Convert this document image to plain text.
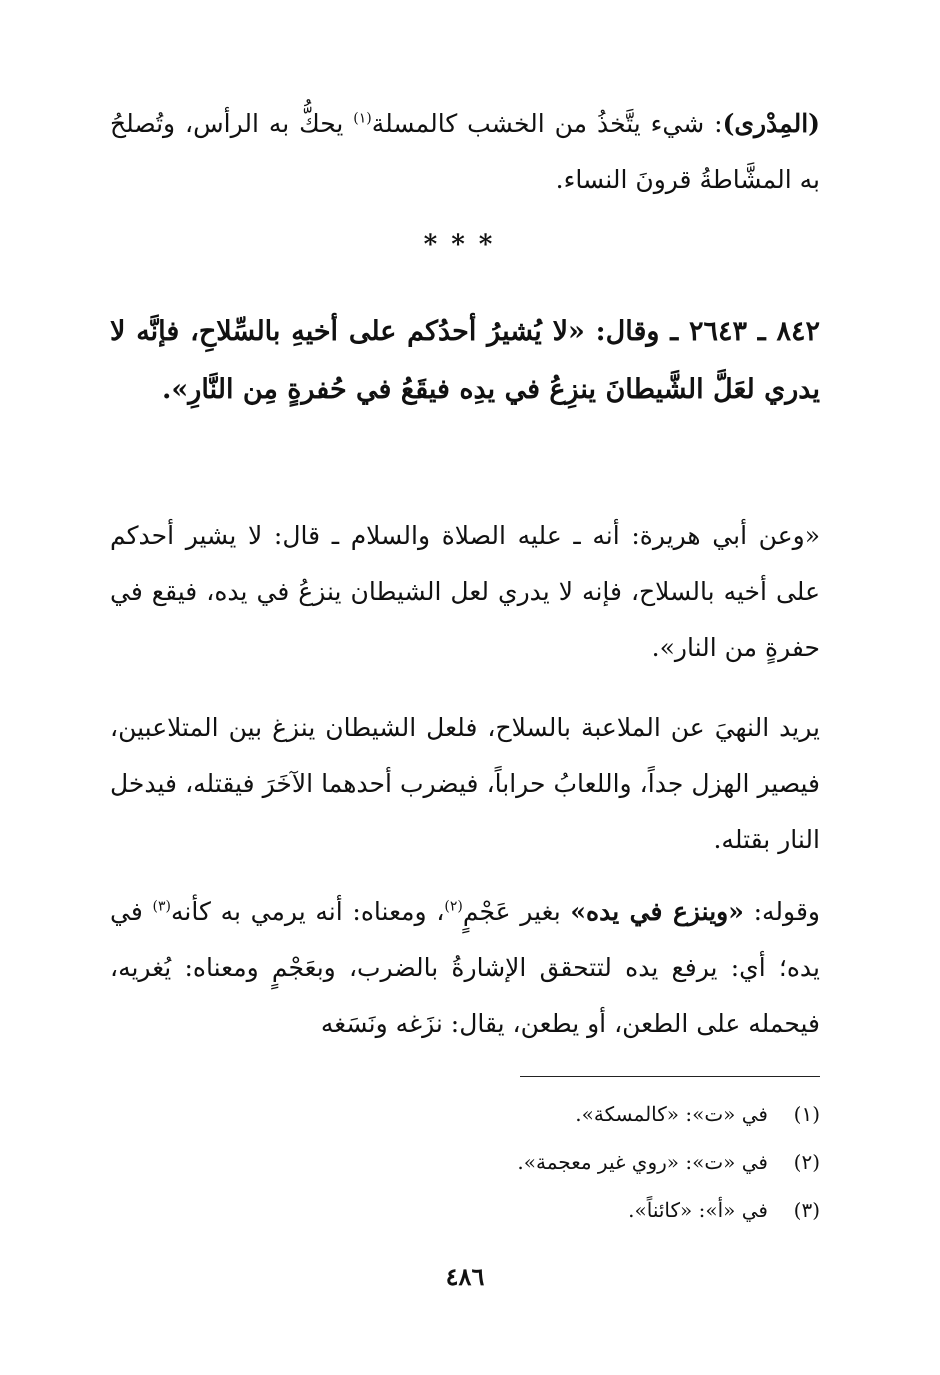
(المِدْرى): شيء يتَّخذُ من الخشب كالمسلة$^{(١)}$ يحكُّ به الرأس، وتُصلحُ به المشَّاطةُ قرونَ النساء.

***

٨٤٢ ـ ٢٦٤٣ ـ وقال: «لا يُشيرُ أحدُكم على أخيهِ بالسِّلاحِ، فإنَّه لا يدري لعَلَّ الشَّيطانَ ينزِعُ في يدِه فيقَعُ في حُفرةٍ مِن النَّارِ».

«وعن أبي هريرة: أنه ـ عليه الصلاة والسلام ـ قال: لا يشير أحدكم على أخيه بالسلاح، فإنه لا يدري لعل الشيطان ينزعُ في يده، فيقع في حفرةٍ من النار».

يريد النهيَ عن الملاعبة بالسلاح، فلعل الشيطان ينزغ بين المتلاعبين، فيصير الهزل جداً، واللعابُ حراباً، فيضرب أحدهما الآخَرَ فيقتله، فيدخل النار بقتله.

وقوله: «وينزع في يده» بغير عَجْمٍ$^{(٢)}$، ومعناه: أنه يرمي به كأنه$^{(٣)}$ في يده؛ أي: يرفع يده لتتحقق الإشارةُ بالضرب، وبعَجْمٍ ومعناه: يُغريه، فيحمله على الطعن، أو يطعن، يقال: نزَغه ونَسَغه

(١)في «ت»: «كالمسكة».
(٢)في «ت»: «روي غير معجمة».
(٣)في «أ»: «كائناً».
٤٨٦
